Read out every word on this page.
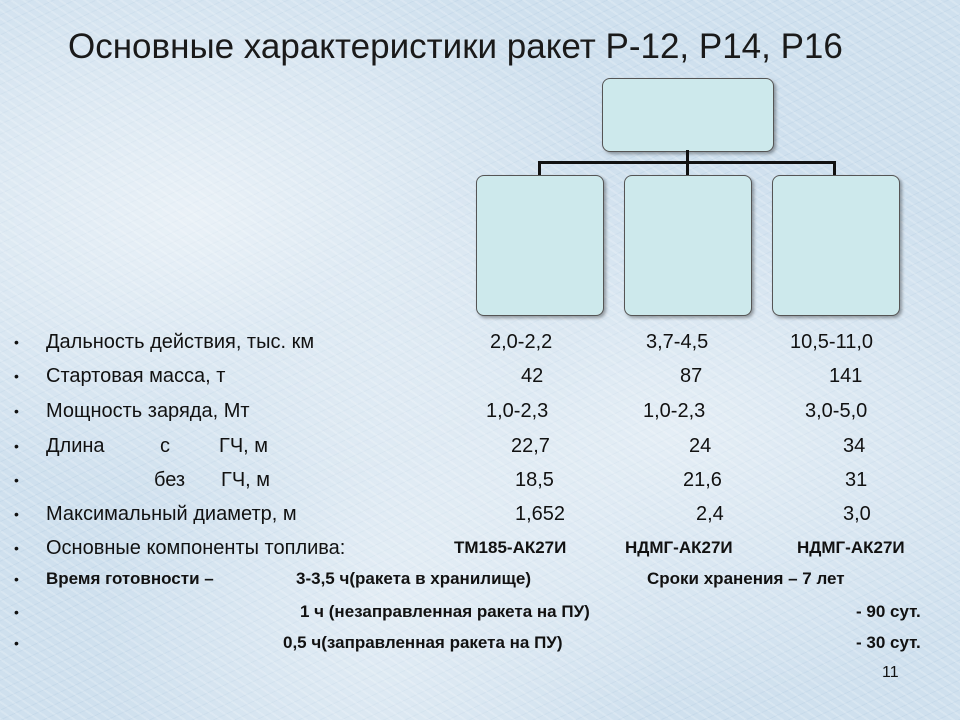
Основные характеристики ракет Р-12, Р14, Р16
• Дальность действия, тыс. км	2,0-2,2	3,7-4,5	10,5-11,0
• Стартовая масса, т	42	87	141
• Мощность заряда, Мт	1,0-2,3	1,0-2,3	3,0-5,0
• Длина	с ГЧ, м	22,7	24	34
•	без ГЧ, м	18,5	21,6	31
• Максимальный диаметр, м	1,652	2,4	3,0
• Основные компоненты топлива:	ТМ185-АК27И	НДМГ-АК27И	НДМГ-АК27И
• Время готовности –	3-3,5 ч(ракета в хранилище)	Сроки хранения – 7 лет
•	1 ч (незаправленная ракета на ПУ)	- 90 сут.
•	0,5 ч(заправленная ракета на ПУ)	- 30 сут.
11
